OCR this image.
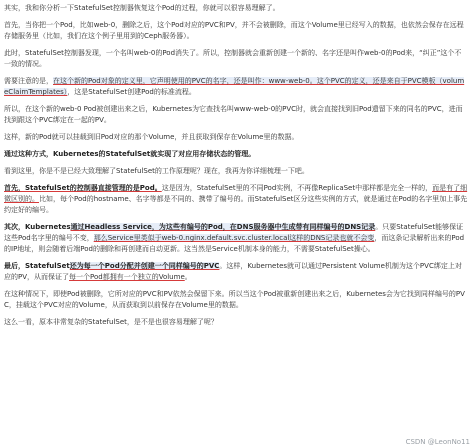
其实，我和你分析一下StatefulSet控制器恢复这个Pod的过程，你就可以很容易理解了。

首先，当你把一个Pod，比如web-0，删除之后，这个Pod对应的PVC和PV，并不会被删除，而这个Volume里已经写入的数据，也依然会保存在远程存储服务里（比如，我们在这个例子里用到的Ceph服务器）。

此时，StatefulSet控制器发现，一个名叫web-0的Pod消失了。所以，控制器就会重新创建一个新的、名字还是叫作web-0的Pod来，“纠正”这个不一致的情况。

需要注意的是，在这个新的Pod对象的定义里，它声明使用的PVC的名字，还是叫作：www-web-0。这个PVC的定义，还是来自于PVC模板（volumeClaimTemplates），这是StatefulSet创建Pod的标准流程。

所以，在这个新的web-0 Pod被创建出来之后，Kubernetes为它查找名叫www-web-0的PVC时，就会直接找到旧Pod遗留下来的同名的PVC，进而找到跟这个PVC绑定在一起的PV。

这样，新的Pod就可以挂载到旧Pod对应的那个Volume，并且获取到保存在Volume里的数据。

通过这种方式，Kubernetes的StatefulSet就实现了对应用存储状态的管理。

看到这里，你是不是已经大致理解了StatefulSet的工作原理呢？现在，我再为你详细梳理一下吧。

首先，StatefulSet的控制器直接管理的是Pod。这是因为，StatefulSet里的不同Pod实例，不再像ReplicaSet中那样都是完全一样的，而是有了细微区别的。比如，每个Pod的hostname、名字等都是不同的、携带了编号的。而StatefulSet区分这些实例的方式，就是通过在Pod的名字里加上事先约定好的编号。

其次，Kubernetes通过Headless Service，为这些有编号的Pod，在DNS服务器中生成带有同样编号的DNS记录。只要StatefulSet能够保证这些Pod名字里的编号不变，那么Service里类似于web-0.nginx.default.svc.cluster.local这样的DNS记录也就不会变，而这条记录解析出来的Pod的IP地址，则会随着后端Pod的删除和再创建而自动更新。这当然是Service机制本身的能力，不需要StatefulSet操心。

最后，StatefulSet还为每一个Pod分配并创建一个同样编号的PVC。这样，Kubernetes就可以通过Persistent Volume机制为这个PVC绑定上对应的PV，从而保证了每一个Pod都拥有一个独立的Volume。

在这种情况下，即使Pod被删除，它所对应的PVC和PV依然会保留下来。所以当这个Pod被重新创建出来之后，Kubernetes会为它找到同样编号的PVC，挂载这个PVC对应的Volume，从而获取到以前保存在Volume里的数据。

这么一看，原本非常复杂的StatefulSet，是不是也很容易理解了呢？

CSDN @LeonNo11
